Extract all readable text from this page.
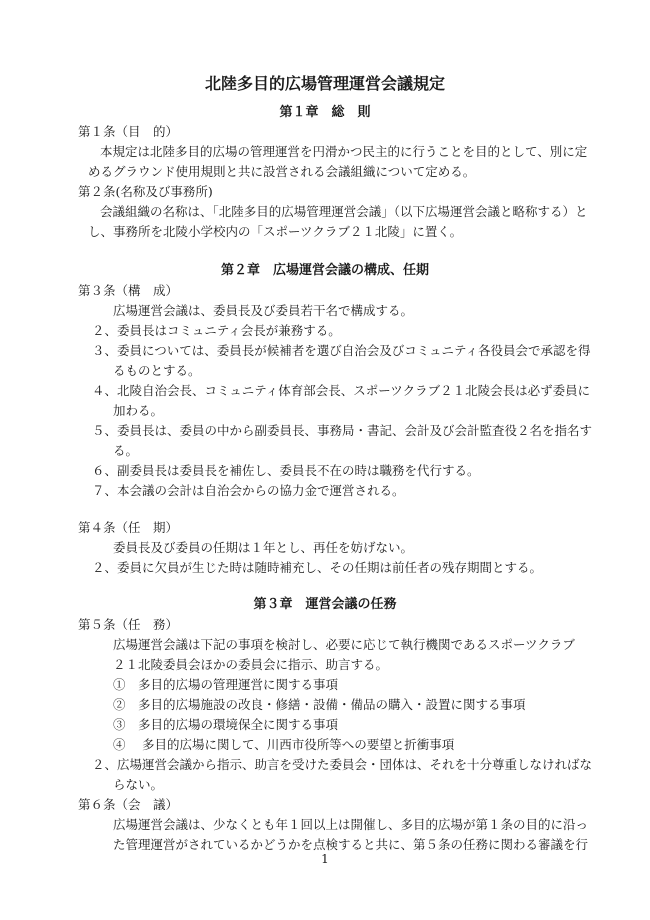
北陸多目的広場管理運営会議規定
第１章　総　則
第１条（目　的）
本規定は北陸多目的広場の管理運営を円滑かつ民主的に行うことを目的として、別に定
めるグラウンド使用規則と共に設営される会議組織について定める。
第２条(名称及び事務所)
会議組織の名称は、「北陸多目的広場管理運営会議」（以下広場運営会議と略称する）と
し、事務所を北陵小学校内の「スポーツクラブ２１北陵」に置く。
第２章　広場運営会議の構成、任期
第３条（構　成）
広場運営会議は、委員長及び委員若干名で構成する。
２、委員長はコミュニティ会長が兼務する。
３、委員については、委員長が候補者を選び自治会及びコミュニティ各役員会で承認を得
るものとする。
４、北陵自治会長、コミュニティ体育部会長、スポーツクラブ２１北陵会長は必ず委員に
加わる。
５、委員長は、委員の中から副委員長、事務局・書記、会計及び会計監査役２名を指名す
る。
６、副委員長は委員長を補佐し、委員長不在の時は職務を代行する。
７、本会議の会計は自治会からの協力金で運営される。
第４条（任　期）
委員長及び委員の任期は１年とし、再任を妨げない。
２、委員に欠員が生じた時は随時補充し、その任期は前任者の残存期間とする。
第３章　運営会議の任務
第５条（任　務）
広場運営会議は下記の事項を検討し、必要に応じて執行機関であるスポーツクラブ
２１北陵委員会ほかの委員会に指示、助言する。
①　多目的広場の管理運営に関する事項
②　多目的広場施設の改良・修繕・設備・備品の購入・設置に関する事項
③　多目的広場の環境保全に関する事項
④　 多目的広場に関して、川西市役所等への要望と折衝事項
２、広場運営会議から指示、助言を受けた委員会・団体は、それを十分尊重しなければな
らない。
第６条（会　議）
広場運営会議は、少なくとも年１回以上は開催し、多目的広場が第１条の目的に沿っ
た管理運営がされているかどうかを点検すると共に、第５条の任務に関わる審議を行
1
